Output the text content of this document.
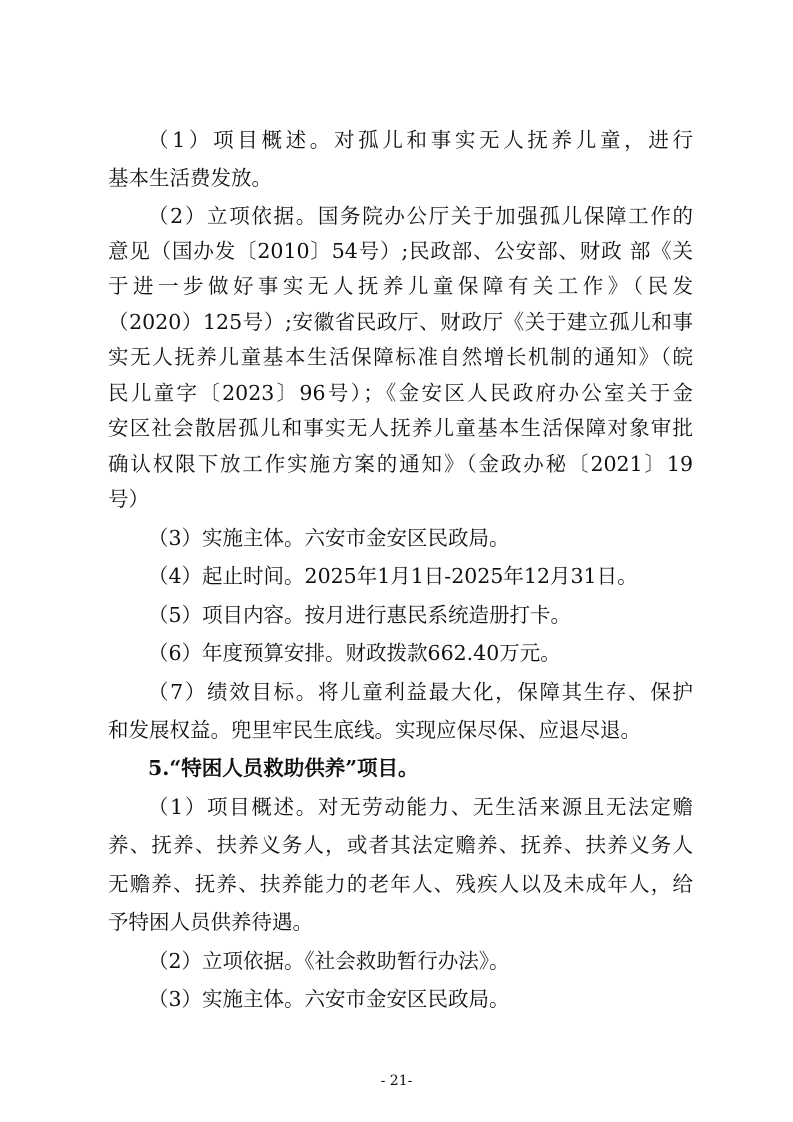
（1）项目概述。对孤儿和事实无人抚养儿童，进行
基本生活费发放。
（2）立项依据。国务院办公厅关于加强孤儿保障工作的
意见（国办发〔2010〕54号）;民政部、公安部、财政 部《关
于进一步做好事实无人抚养儿童保障有关工作》（民发
（2020）125号）;安徽省民政厅、财政厅《关于建立孤儿和事
实无人抚养儿童基本生活保障标准自然增长机制的通知》（皖
民儿童字〔2023〕96号）；《金安区人民政府办公室关于金
安区社会散居孤儿和事实无人抚养儿童基本生活保障对象审批
确认权限下放工作实施方案的通知》（金政办秘〔2021〕19
号）
（3）实施主体。六安市金安区民政局。
（4）起止时间。2025年1月1日-2025年12月31日。
（5）项目内容。按月进行惠民系统造册打卡。
（6）年度预算安排。财政拨款662.40万元。
（7）绩效目标。将儿童利益最大化，保障其生存、保护
和发展权益。兜里牢民生底线。实现应保尽保、应退尽退。
5.“特困人员救助供养”项目。
（1）项目概述。对无劳动能力、无生活来源且无法定赡
养、抚养、扶养义务人，或者其法定赡养、抚养、扶养义务人
无赡养、抚养、扶养能力的老年人、残疾人以及未成年人，给
予特困人员供养待遇。
（2）立项依据。《社会救助暂行办法》。
（3）实施主体。六安市金安区民政局。
- 21-
